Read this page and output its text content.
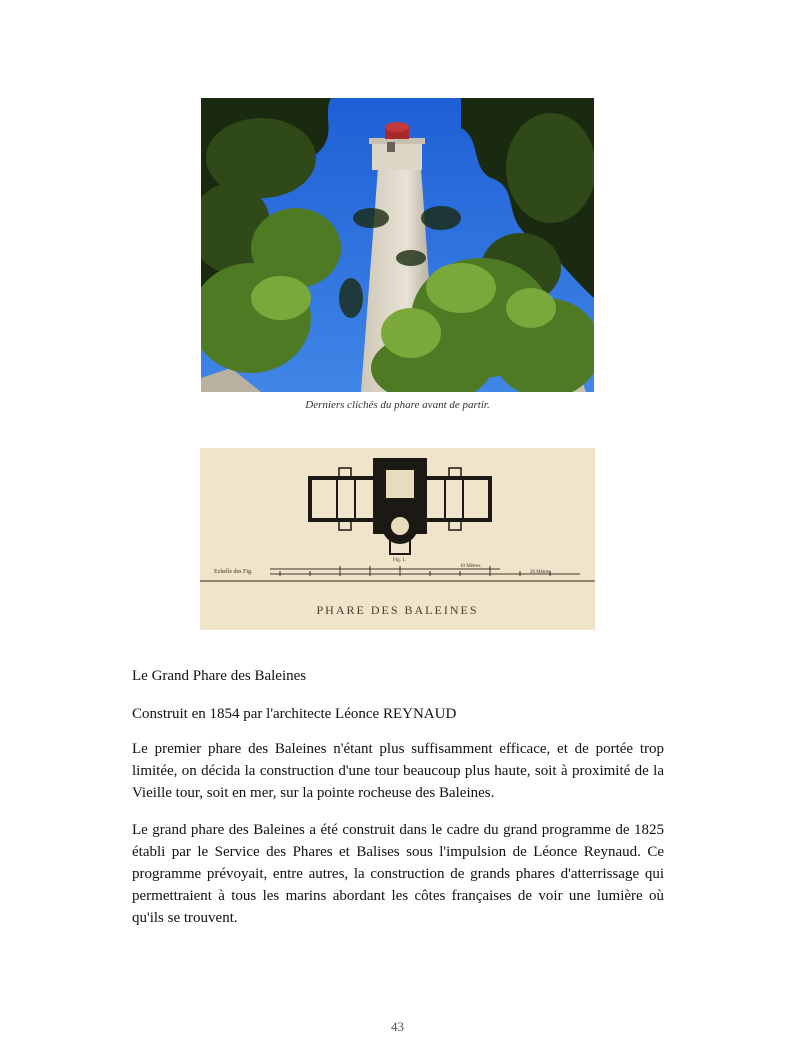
Derniers clichés du phare avant de partir.
Echelle des Fig.
Fig. 1.
10 Mètres.
20 Mètres.
PHARE DES BALEINES
Le Grand Phare des Baleines
Construit en 1854 par l'architecte Léonce REYNAUD
Le premier phare des Baleines n'étant plus suffisamment efficace, et de portée trop limitée, on décida la construction d'une tour beaucoup plus haute, soit à proximité de la Vieille tour, soit en mer, sur la pointe rocheuse des Baleines.
Le grand phare des Baleines a été construit dans le cadre du grand programme de 1825 établi par le Service des Phares et Balises sous l'impulsion de Léonce Reynaud. Ce programme prévoyait, entre autres, la construction de grands phares d'atterrissage qui permettraient à tous les marins abordant les côtes françaises de voir une lumière où qu'ils se trouvent.
43
